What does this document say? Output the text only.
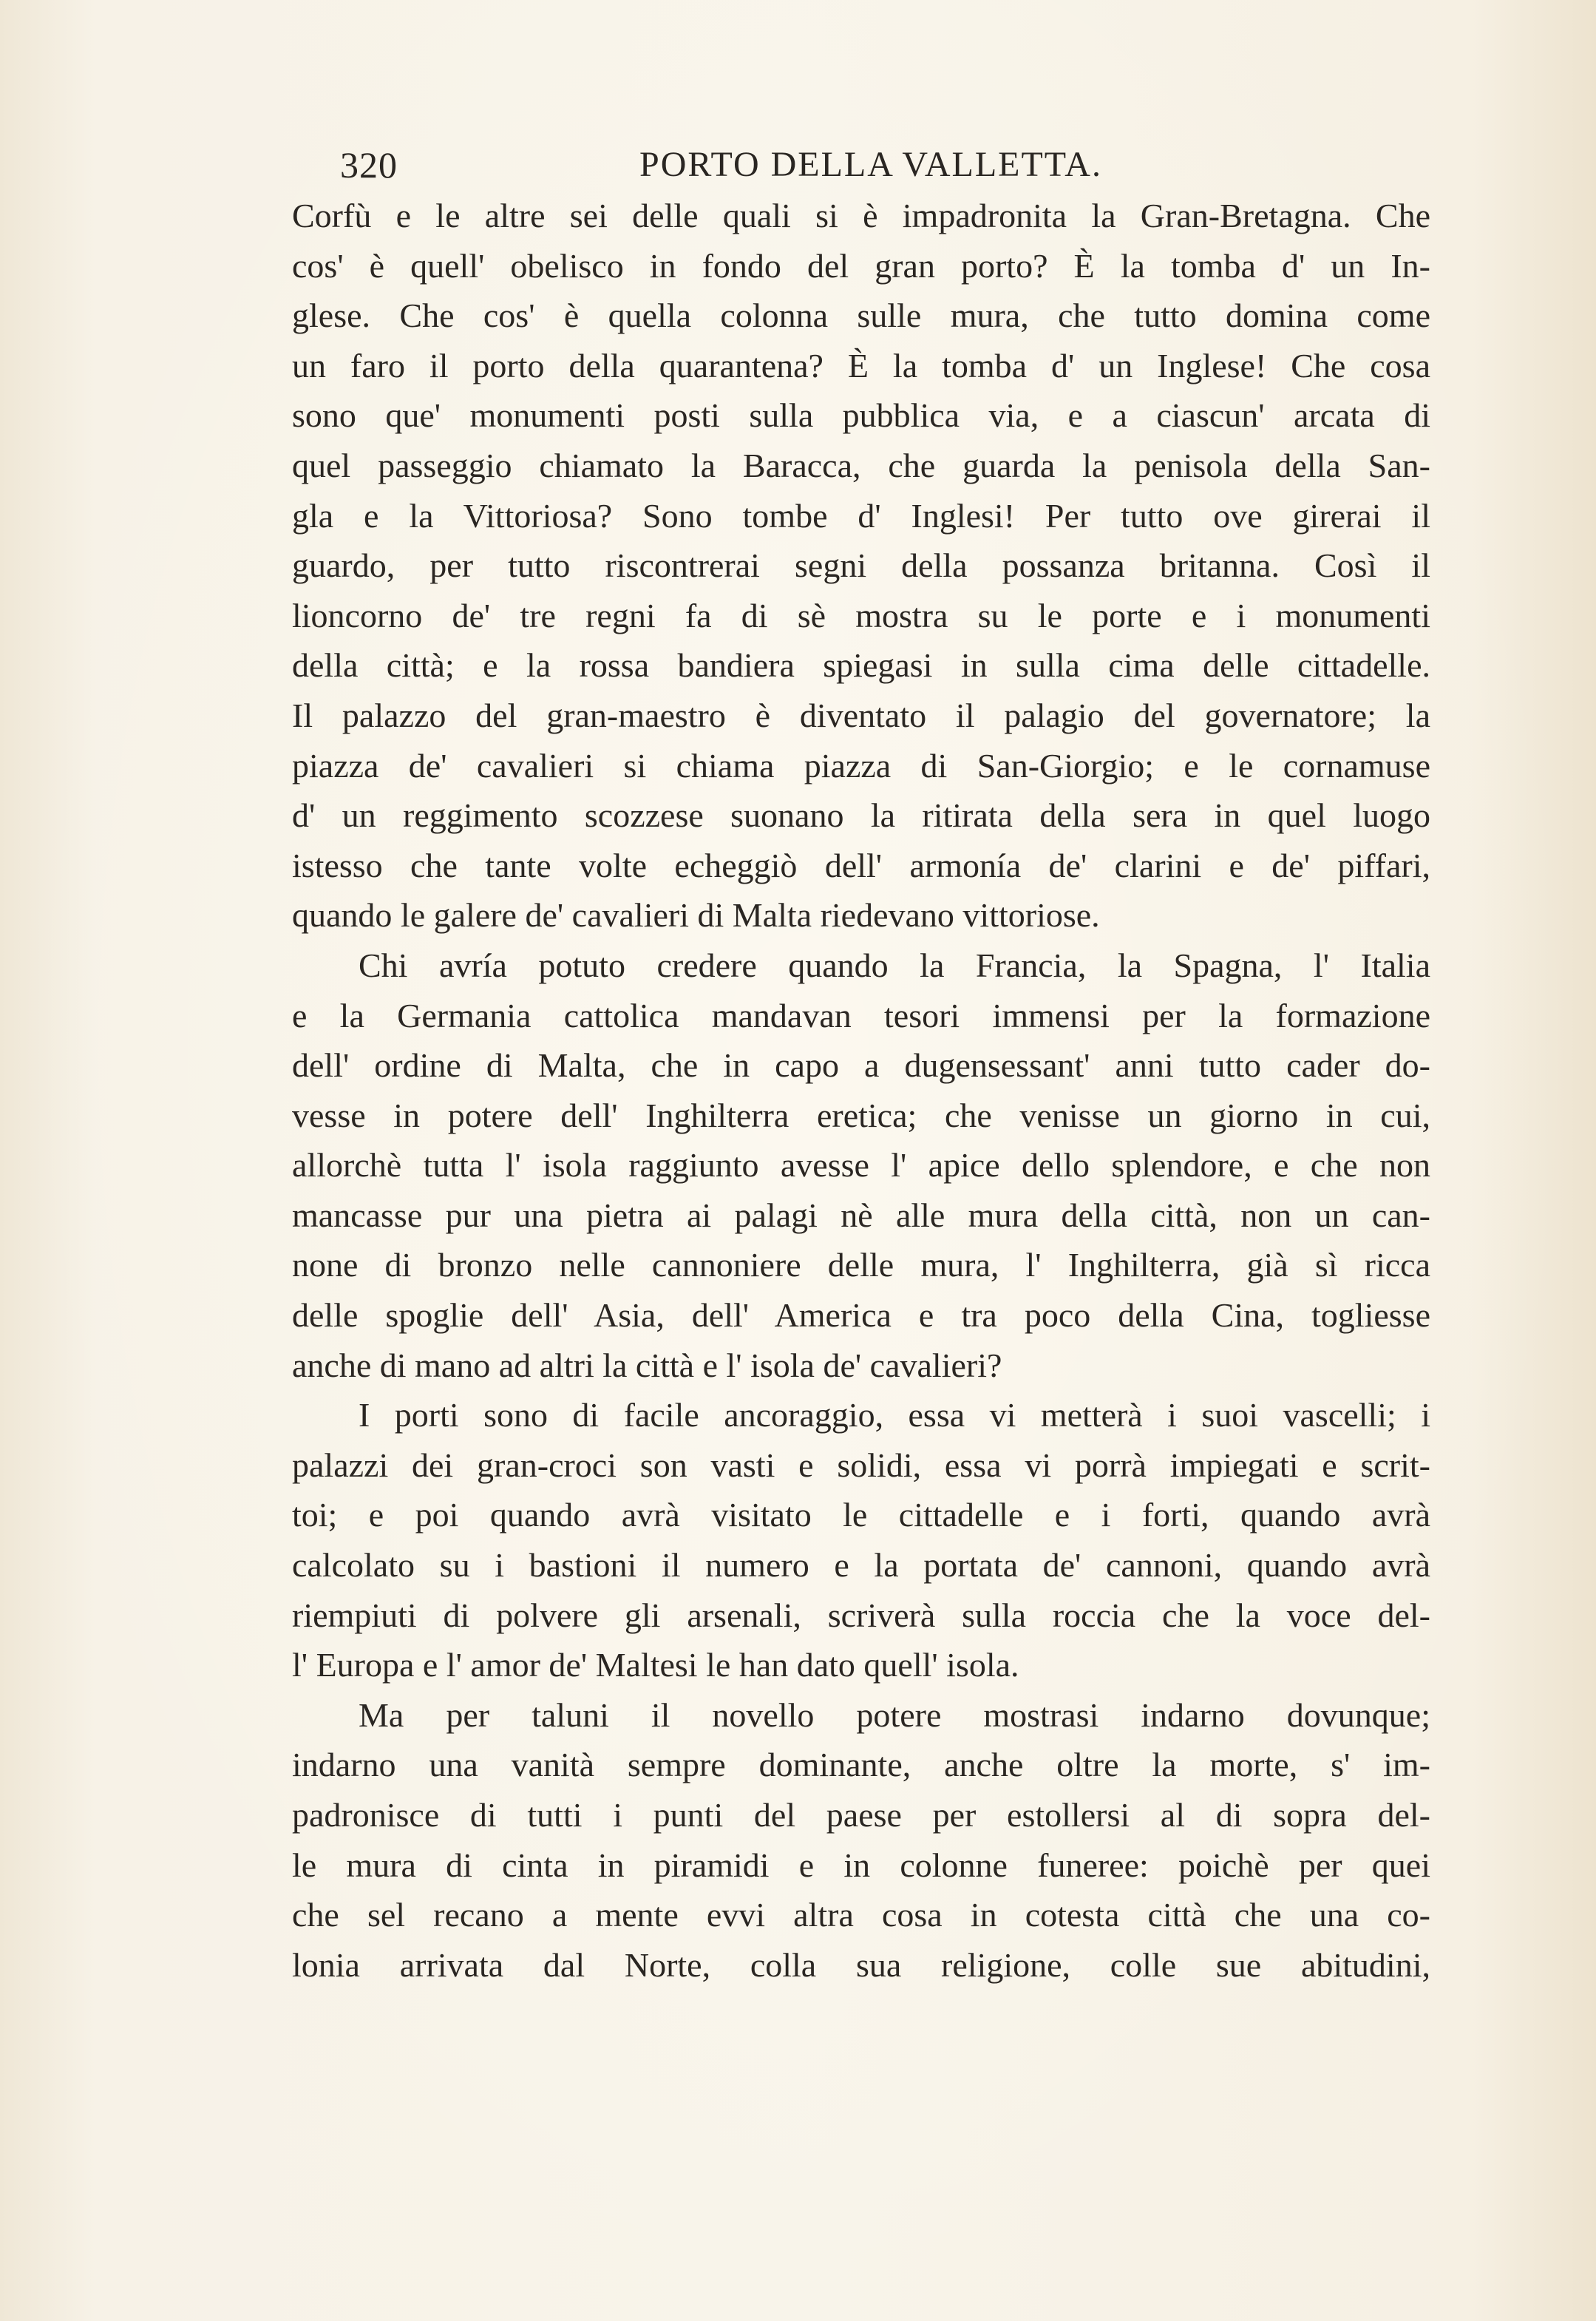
320	PORTO DELLA VALLETTA.
Corfù e le altre sei delle quali si è impadronita la Gran-Bretagna. Che
cos' è quell' obelisco in fondo del gran porto? È la tomba d' un In-
glese. Che cos' è quella colonna sulle mura, che tutto domina come
un faro il porto della quarantena? È la tomba d' un Inglese! Che cosa
sono que' monumenti posti sulla pubblica via, e a ciascun' arcata di
quel passeggio chiamato la Baracca, che guarda la penisola della San-
gla e la Vittoriosa? Sono tombe d' Inglesi! Per tutto ove girerai il
guardo, per tutto riscontrerai segni della possanza britanna. Così il
lioncorno de' tre regni fa di sè mostra su le porte e i monumenti
della città; e la rossa bandiera spiegasi in sulla cima delle cittadelle.
Il palazzo del gran-maestro è diventato il palagio del governatore; la
piazza de' cavalieri si chiama piazza di San-Giorgio; e le cornamuse
d' un reggimento scozzese suonano la ritirata della sera in quel luogo
istesso che tante volte echeggiò dell' armonía de' clarini e de' piffari,
quando le galere de' cavalieri di Malta riedevano vittoriose.
Chi avría potuto credere quando la Francia, la Spagna, l' Italia
e la Germania cattolica mandavan tesori immensi per la formazione
dell' ordine di Malta, che in capo a dugensessant' anni tutto cader do-
vesse in potere dell' Inghilterra eretica; che venisse un giorno in cui,
allorchè tutta l' isola raggiunto avesse l' apice dello splendore, e che non
mancasse pur una pietra ai palagi nè alle mura della città, non un can-
none di bronzo nelle cannoniere delle mura, l' Inghilterra, già sì ricca
delle spoglie dell' Asia, dell' America e tra poco della Cina, togliesse
anche di mano ad altri la città e l' isola de' cavalieri?
I porti sono di facile ancoraggio, essa vi metterà i suoi vascelli; i
palazzi dei gran-croci son vasti e solidi, essa vi porrà impiegati e scrit-
toi; e poi quando avrà visitato le cittadelle e i forti, quando avrà
calcolato su i bastioni il numero e la portata de' cannoni, quando avrà
riempiuti di polvere gli arsenali, scriverà sulla roccia che la voce del-
l' Europa e l' amor de' Maltesi le han dato quell' isola.
Ma per taluni il novello potere mostrasi indarno dovunque;
indarno una vanità sempre dominante, anche oltre la morte, s' im-
padronisce di tutti i punti del paese per estollersi al di sopra del-
le mura di cinta in piramidi e in colonne funeree: poichè per quei
che sel recano a mente evvi altra cosa in cotesta città che una co-
lonia arrivata dal Norte, colla sua religione, colle sue abitudini,
